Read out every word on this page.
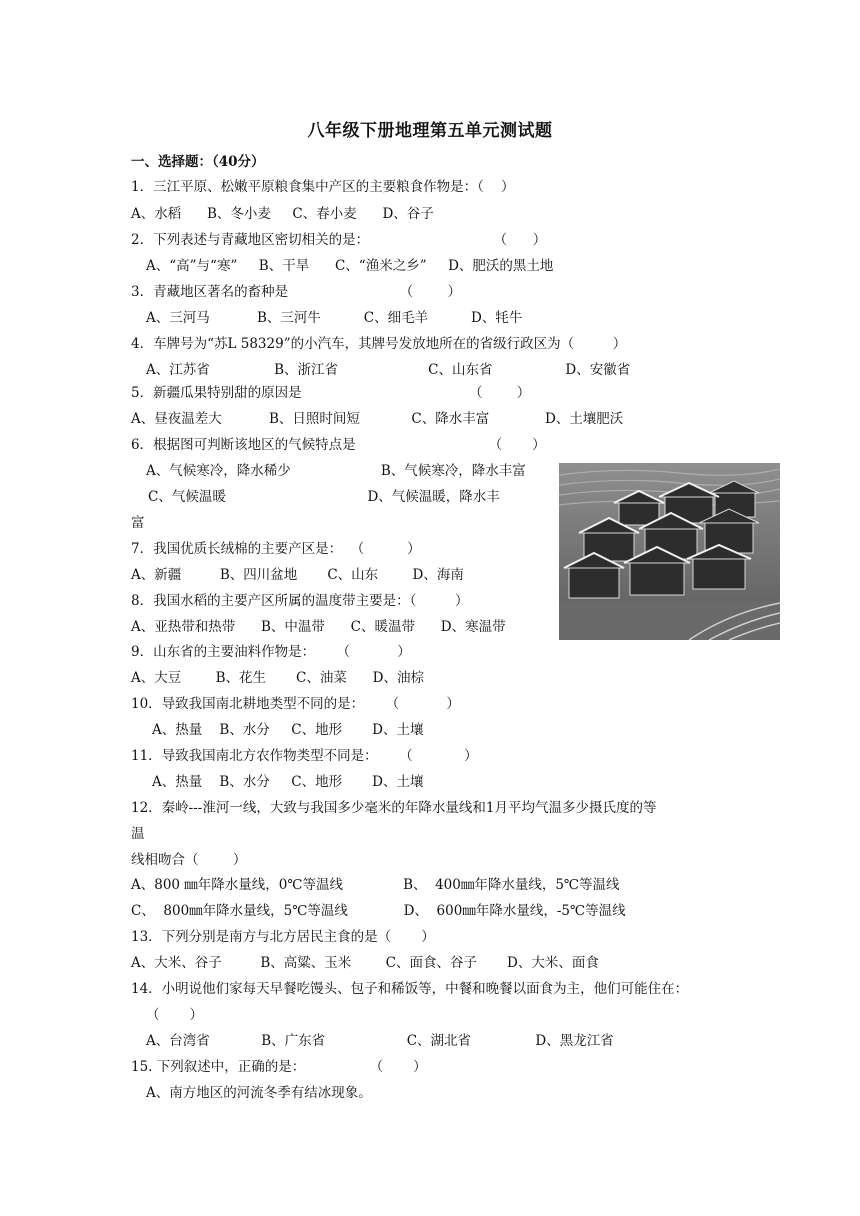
八年级下册地理第五单元测试题
一、选择题：（40分）
1．三江平原、松嫩平原粮食集中产区的主要粮食作物是：（    ）
A、水稻      B、冬小麦     C、春小麦      D、谷子
2．下列表述与青藏地区密切相关的是：                             （      ）
A、“高”与“寒”     B、干旱      C、“渔米之乡”     D、肥沃的黑土地
3．青藏地区著名的畜种是                          （        ）
A、三河马           B、三河牛          C、细毛羊          D、牦牛
4．车牌号为“苏L 58329”的小汽车，其牌号发放地所在的省级行政区为（         ）
A、江苏省               B、浙江省                     C、山东省                 D、安徽省
5．新疆瓜果特别甜的原因是                                       （        ）
A、昼夜温差大           B、日照时间短            C、降水丰富             D、土壤肥沃
6．根据图可判断该地区的气候特点是                               （       ）
A、气候寒冷，降水稀少                     B、气候寒冷，降水丰富
C、气候温暖                                 D、气候温暖，降水丰
富
7．我国优质长绒棉的主要产区是：  （          ）
A、新疆         B、四川盆地       C、山东        D、海南
8．我国水稻的主要产区所属的温度带主要是：（         ）
A、亚热带和热带      B、中温带      C、暖温带      D、寒温带
9．山东省的主要油料作物是：     （           ）
A、大豆        B、花生       C、油菜      D、油棕
10．导致我国南北耕地类型不同的是：     （           ）
A、热量    B、水分     C、地形       D、土壤
11．导致我国南北方农作物类型不同是：     （            ）
A、热量    B、水分     C、地形       D、土壤
12．秦岭---淮河一线，大致与我国多少毫米的年降水量线和1月平均气温多少摄氏度的等
温
线相吻合（        ）
A、800 ㎜年降水量线，0℃等温线              B、  400㎜年降水量线，5℃等温线
C、  800㎜年降水量线，5℃等温线             D、  600㎜年降水量线，-5℃等温线
13．下列分别是南方与北方居民主食的是（       ）
A、大米、谷子         B、高粱、玉米        C、面食、谷子       D、大米、面食
14．小明说他们家每天早餐吃馒头、包子和稀饭等，中餐和晚餐以面食为主，他们可能住在：
（       ）
A、台湾省            B、广东省                   C、湖北省               D、黑龙江省
15. 下列叙述中，正确的是：               （       ）
A、南方地区的河流冬季有结冰现象。
